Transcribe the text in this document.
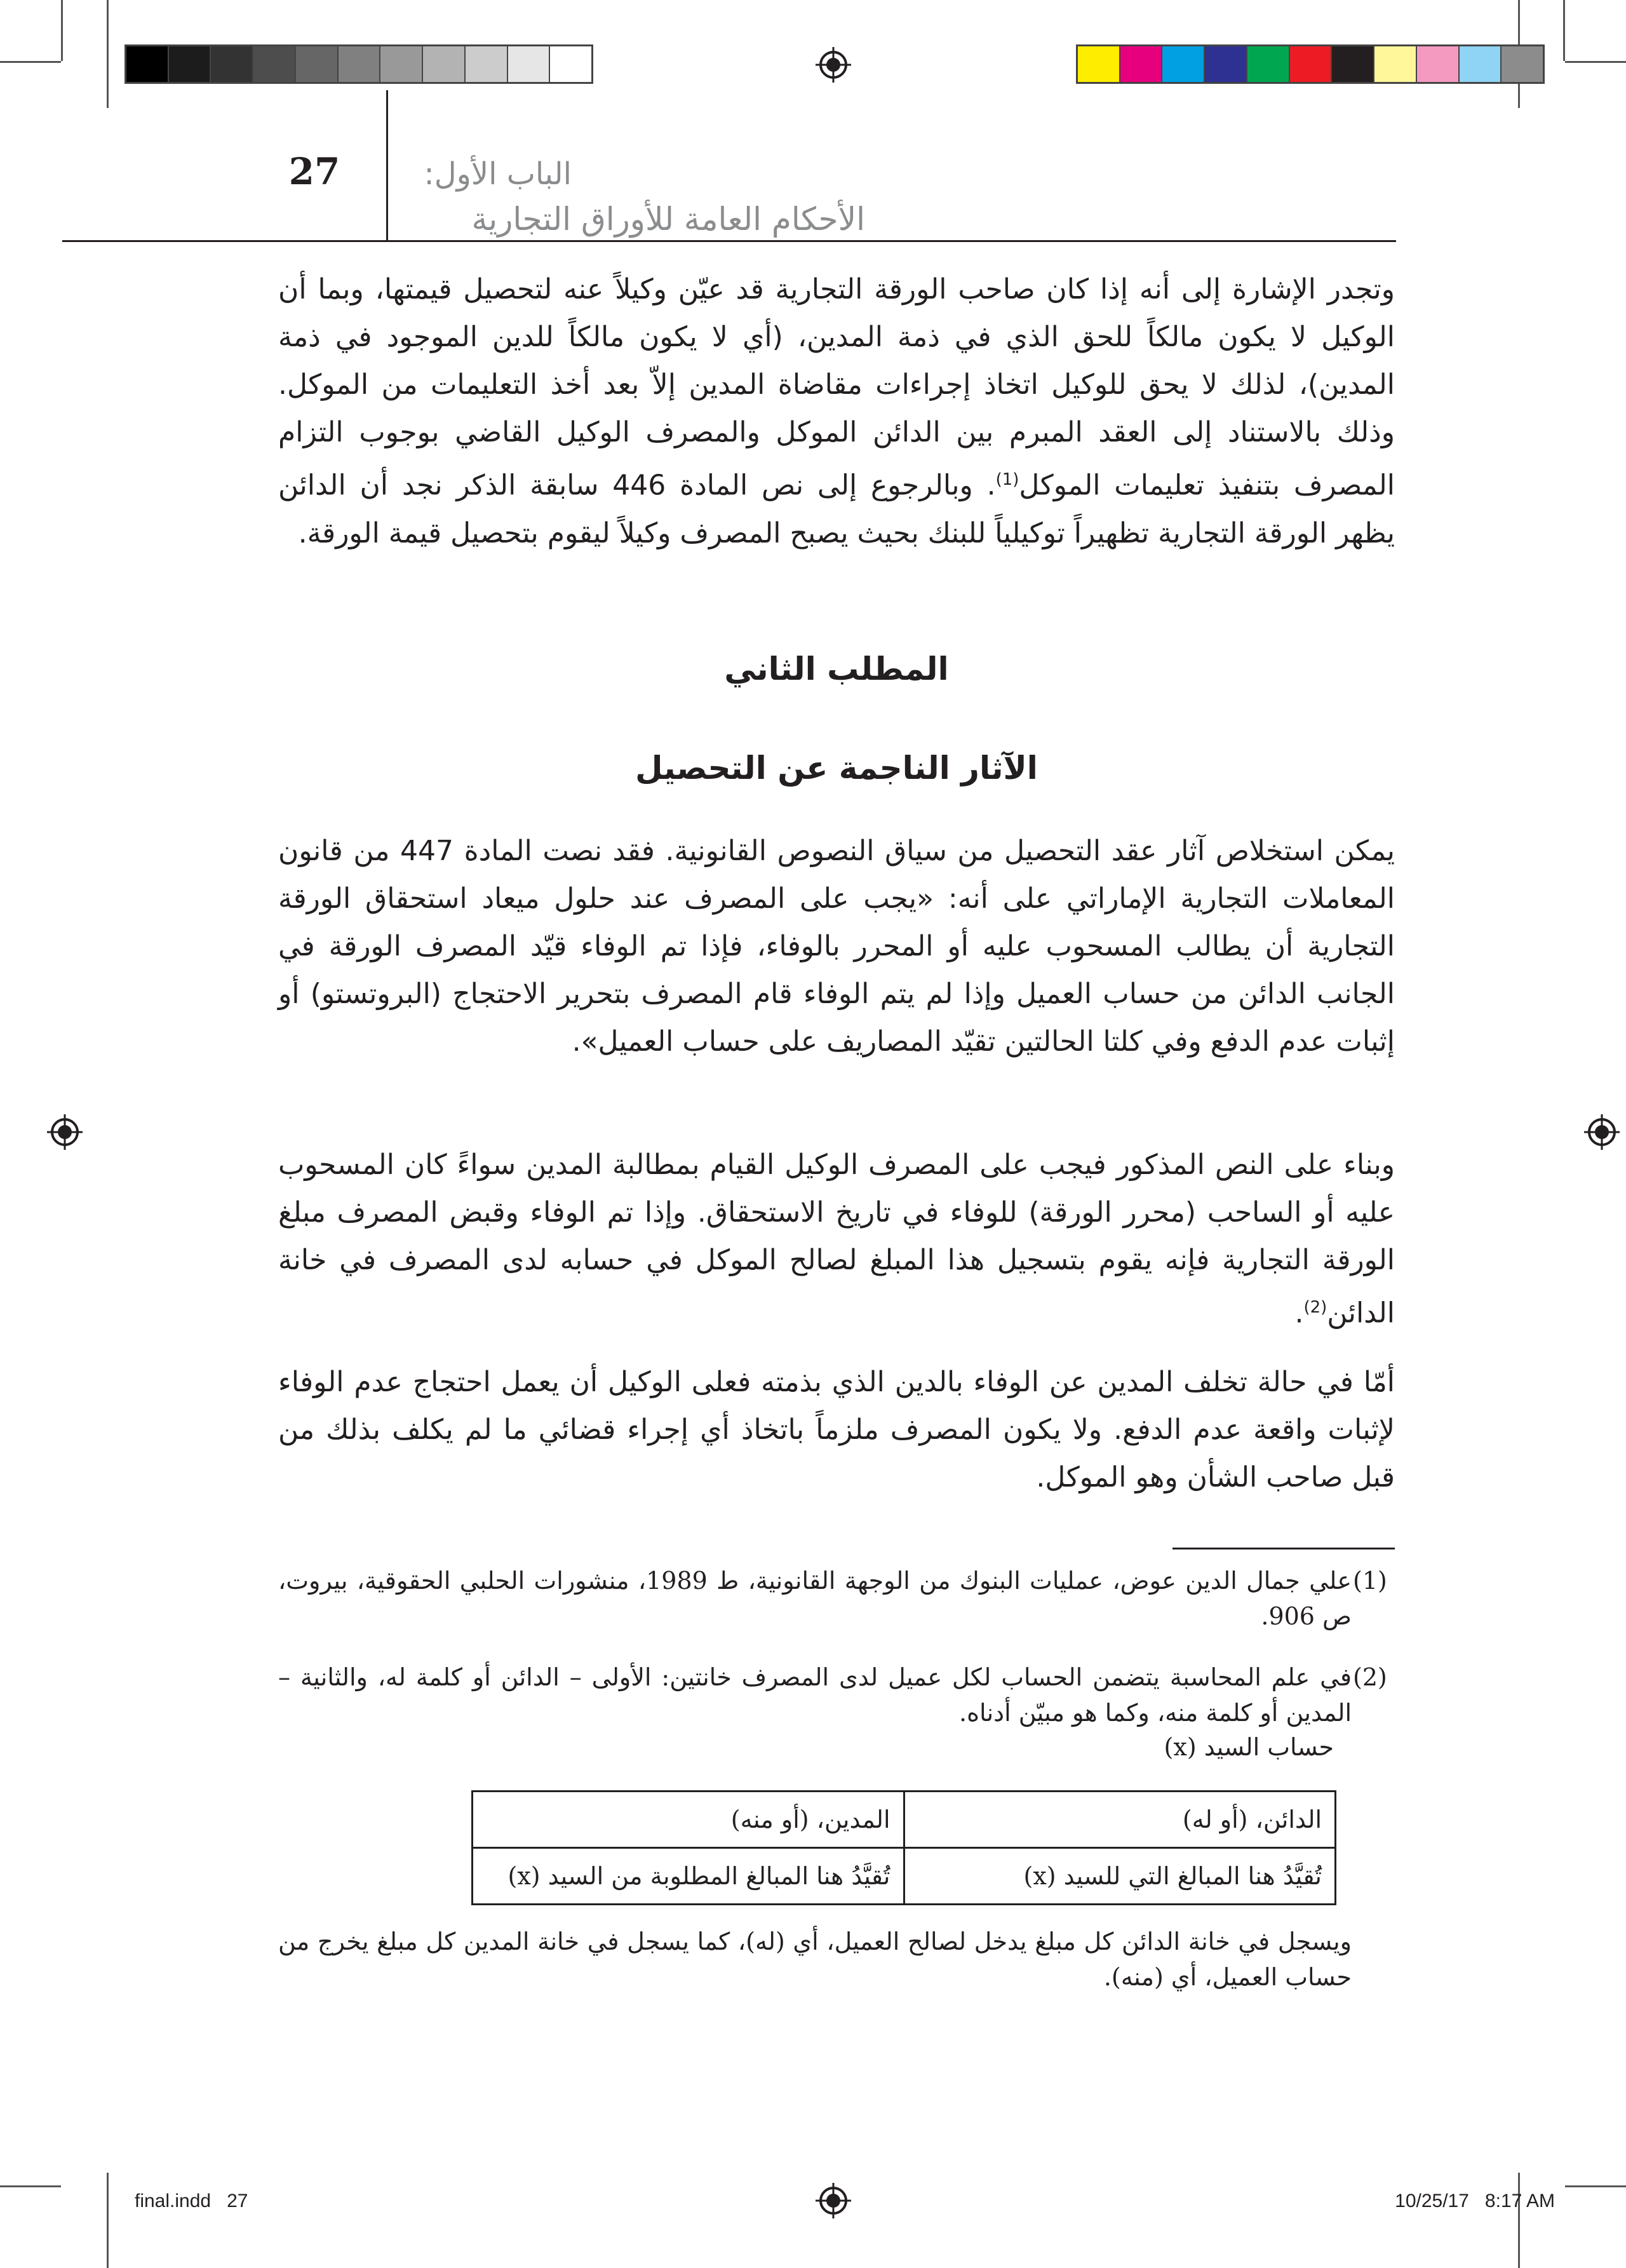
27	الباب الأول:
الأحكام العامة للأوراق التجارية
وتجدر الإشارة إلى أنه إذا كان صاحب الورقة التجارية قد عيّن وكيلاً عنه لتحصيل قيمتها، وبما أن الوكيل لا يكون مالكاً للحق الذي في ذمة المدين، (أي لا يكون مالكاً للدين الموجود في ذمة المدين)، لذلك لا يحق للوكيل اتخاذ إجراءات مقاضاة المدين إلاّ بعد أخذ التعليمات من الموكل. وذلك بالاستناد إلى العقد المبرم بين الدائن الموكل والمصرف الوكيل القاضي بوجوب التزام المصرف بتنفيذ تعليمات الموكل$^{(1)}$. وبالرجوع إلى نص المادة 446 سابقة الذكر نجد أن الدائن يظهر الورقة التجارية تظهيراً توكيلياً للبنك بحيث يصبح المصرف وكيلاً ليقوم بتحصيل قيمة الورقة.
المطلب الثاني
الآثار الناجمة عن التحصيل
يمكن استخلاص آثار عقد التحصيل من سياق النصوص القانونية. فقد نصت المادة 447 من قانون المعاملات التجارية الإماراتي على أنه: «يجب على المصرف عند حلول ميعاد استحقاق الورقة التجارية أن يطالب المسحوب عليه أو المحرر بالوفاء، فإذا تم الوفاء قيّد المصرف الورقة في الجانب الدائن من حساب العميل وإذا لم يتم الوفاء قام المصرف بتحرير الاحتجاج (البروتستو) أو إثبات عدم الدفع وفي كلتا الحالتين تقيّد المصاريف على حساب العميل».
وبناء على النص المذكور فيجب على المصرف الوكيل القيام بمطالبة المدين سواءً كان المسحوب عليه أو الساحب (محرر الورقة) للوفاء في تاريخ الاستحقاق. وإذا تم الوفاء وقبض المصرف مبلغ الورقة التجارية فإنه يقوم بتسجيل هذا المبلغ لصالح الموكل في حسابه لدى المصرف في خانة الدائن$^{(2)}$.
أمّا في حالة تخلف المدين عن الوفاء بالدين الذي بذمته فعلى الوكيل أن يعمل احتجاج عدم الوفاء لإثبات واقعة عدم الدفع. ولا يكون المصرف ملزماً باتخاذ أي إجراء قضائي ما لم يكلف بذلك من قبل صاحب الشأن وهو الموكل.
علي جمال الدين عوض، عمليات البنوك من الوجهة القانونية، ط 1989، منشورات الحلبي الحقوقية، بيروت، ص 906.
(1)
في علم المحاسبة يتضمن الحساب لكل عميل لدى المصرف خانتين: الأولى – الدائن أو كلمة له، والثانية – المدين أو كلمة منه، وكما هو مبيّن أدناه.
(2)
حساب السيد (x)
الدائن، (أو له)	المدين، (أو منه)
تُقيَّدُ هنا المبالغ التي للسيد (x)	تُقيَّدُ هنا المبالغ المطلوبة من السيد (x)
ويسجل في خانة الدائن كل مبلغ يدخل لصالح العميل، أي (له)، كما يسجل في خانة المدين كل مبلغ يخرج من حساب العميل، أي (منه).
final.indd   27	10/25/17   8:17 AM
